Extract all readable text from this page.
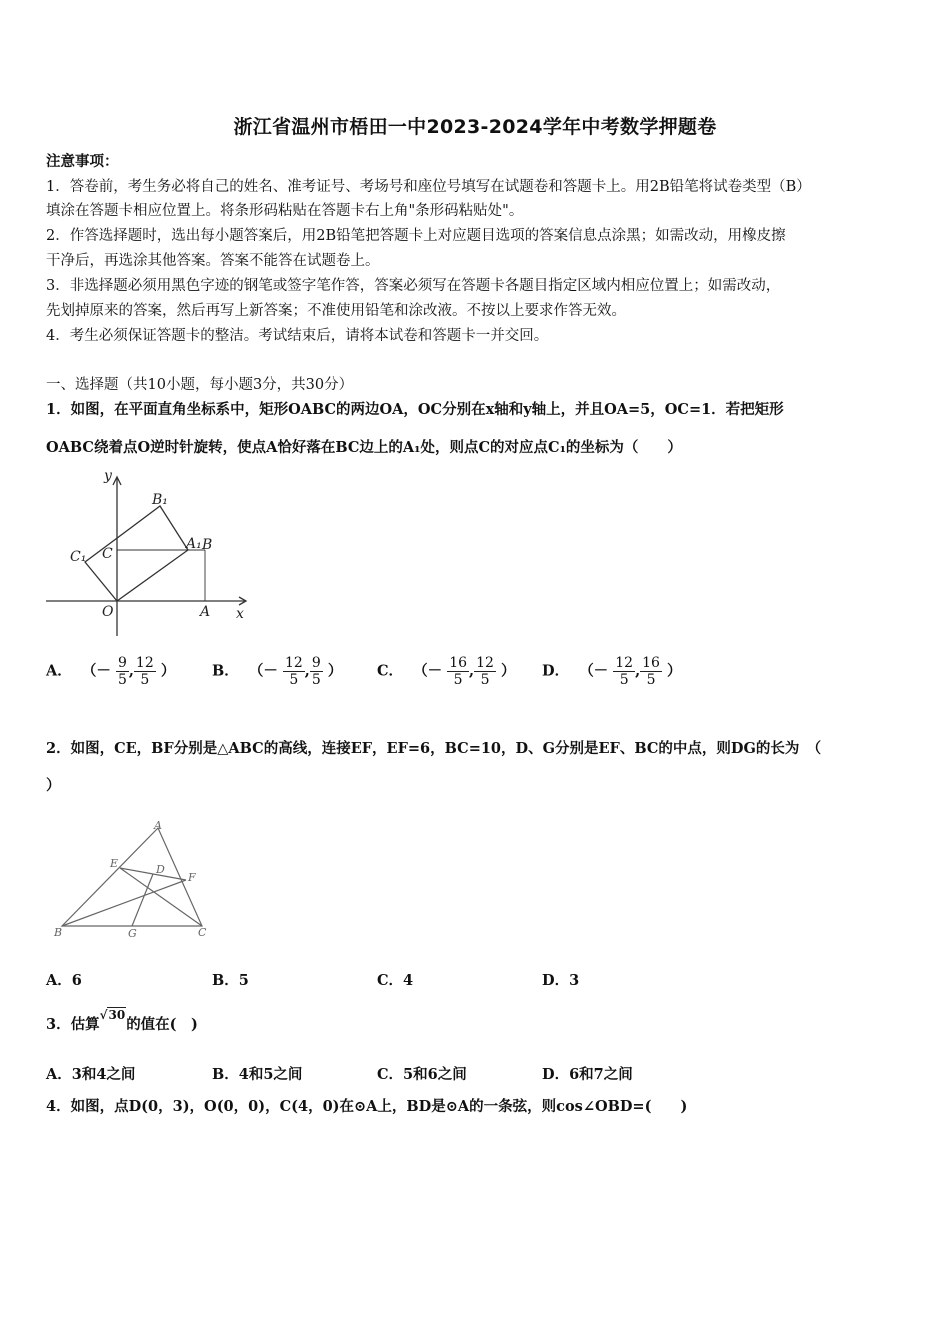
浙江省温州市梧田一中2023-2024学年中考数学押题卷
注意事项：
1．答卷前，考生务必将自己的姓名、准考证号、考场号和座位号填写在试题卷和答题卡上。用2B铅笔将试卷类型（B）
填涂在答题卡相应位置上。将条形码粘贴在答题卡右上角"条形码粘贴处"。
2．作答选择题时，选出每小题答案后，用2B铅笔把答题卡上对应题目选项的答案信息点涂黑；如需改动，用橡皮擦
干净后，再选涂其他答案。答案不能答在试题卷上。
3．非选择题必须用黑色字迹的钢笔或签字笔作答，答案必须写在答题卡各题目指定区域内相应位置上；如需改动，
先划掉原来的答案，然后再写上新答案；不准使用铅笔和涂改液。不按以上要求作答无效。
4．考生必须保证答题卡的整洁。考试结束后，请将本试卷和答题卡一并交回。
一、选择题（共10小题，每小题3分，共30分）
1．如图，在平面直角坐标系中，矩形OABC的两边OA，OC分别在x轴和y轴上，并且OA=5，OC=1．若把矩形
OABC绕着点O逆时针旋转，使点A恰好落在BC边上的A₁处，则点C的对应点C₁的坐标为（　　）
y
x
O	A
B
C
A₁
B₁
C₁
A． （－ $\frac{9}{5}$ , $\frac{12}{5}$ ）	B． （－ $\frac{12}{5}$ , $\frac{9}{5}$ ） C． （－ $\frac{16}{5}$ , $\frac{12}{5}$ ） D． （－ $\frac{12}{5}$ , $\frac{16}{5}$ ）
2．如图，CE，BF分别是△ABC的高线，连接EF，EF=6，BC=10，D、G分别是EF、BC的中点，则DG的长为　（
）
A
B	C
D
E
F
G
A．6	B．5	C．4	D．3
3．估算√30的值在(　)
A．3和4之间	B．4和5之间	C．5和6之间	D．6和7之间
4．如图，点D(0，3)，O(0，0)，C(4，0)在⊙A上，BD是⊙A的一条弦，则cos∠OBD=(　　)
